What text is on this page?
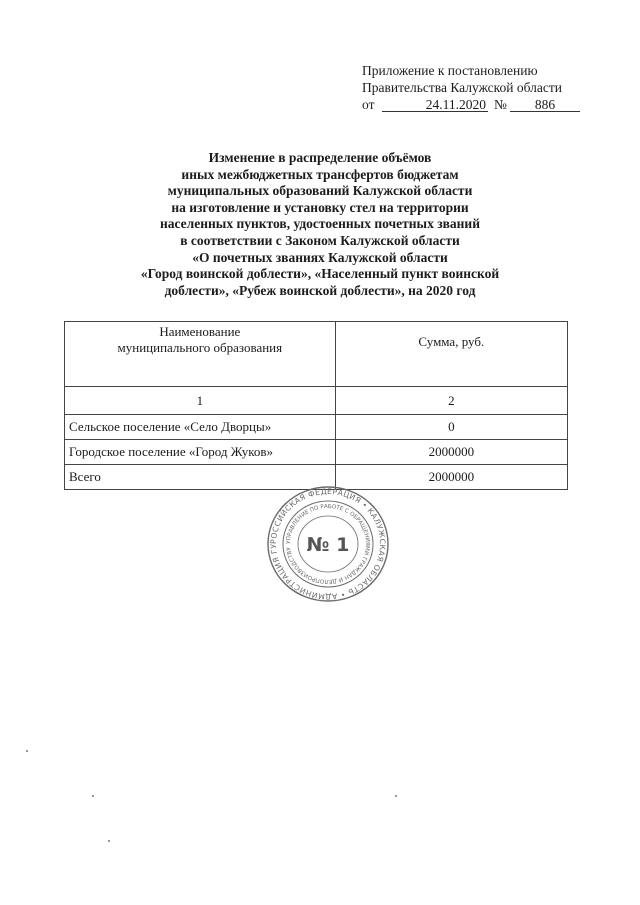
Приложение к постановлению
Правительства Калужской области
от	24.11.2020 №	886
Изменение в распределение объёмов
иных межбюджетных трансфертов бюджетам
муниципальных образований Калужской области
на изготовление и установку стел на территории
населенных пунктов, удостоенных почетных званий
в соответствии с Законом Калужской области
«О почетных званиях Калужской области
«Город воинской доблести», «Населенный пункт воинской
доблести», «Рубеж воинской доблести», на 2020 год
Наименование
муниципального образования	Сумма, руб.
1	2
Сельское поселение «Село Дворцы»	0
Городское поселение «Город Жуков»	2000000
Всего	2000000
РОССИЙСКАЯ ФЕДЕРАЦИЯ • КАЛУЖСКАЯ ОБЛАСТЬ • АДМИНИСТРАЦИЯ ГУ
УПРАВЛЕНИЕ ПО РАБОТЕ С ОБРАЩЕНИЯМИ ГРАЖДАН И ДЕЛОПРОИЗВОДСТВУ № 1
